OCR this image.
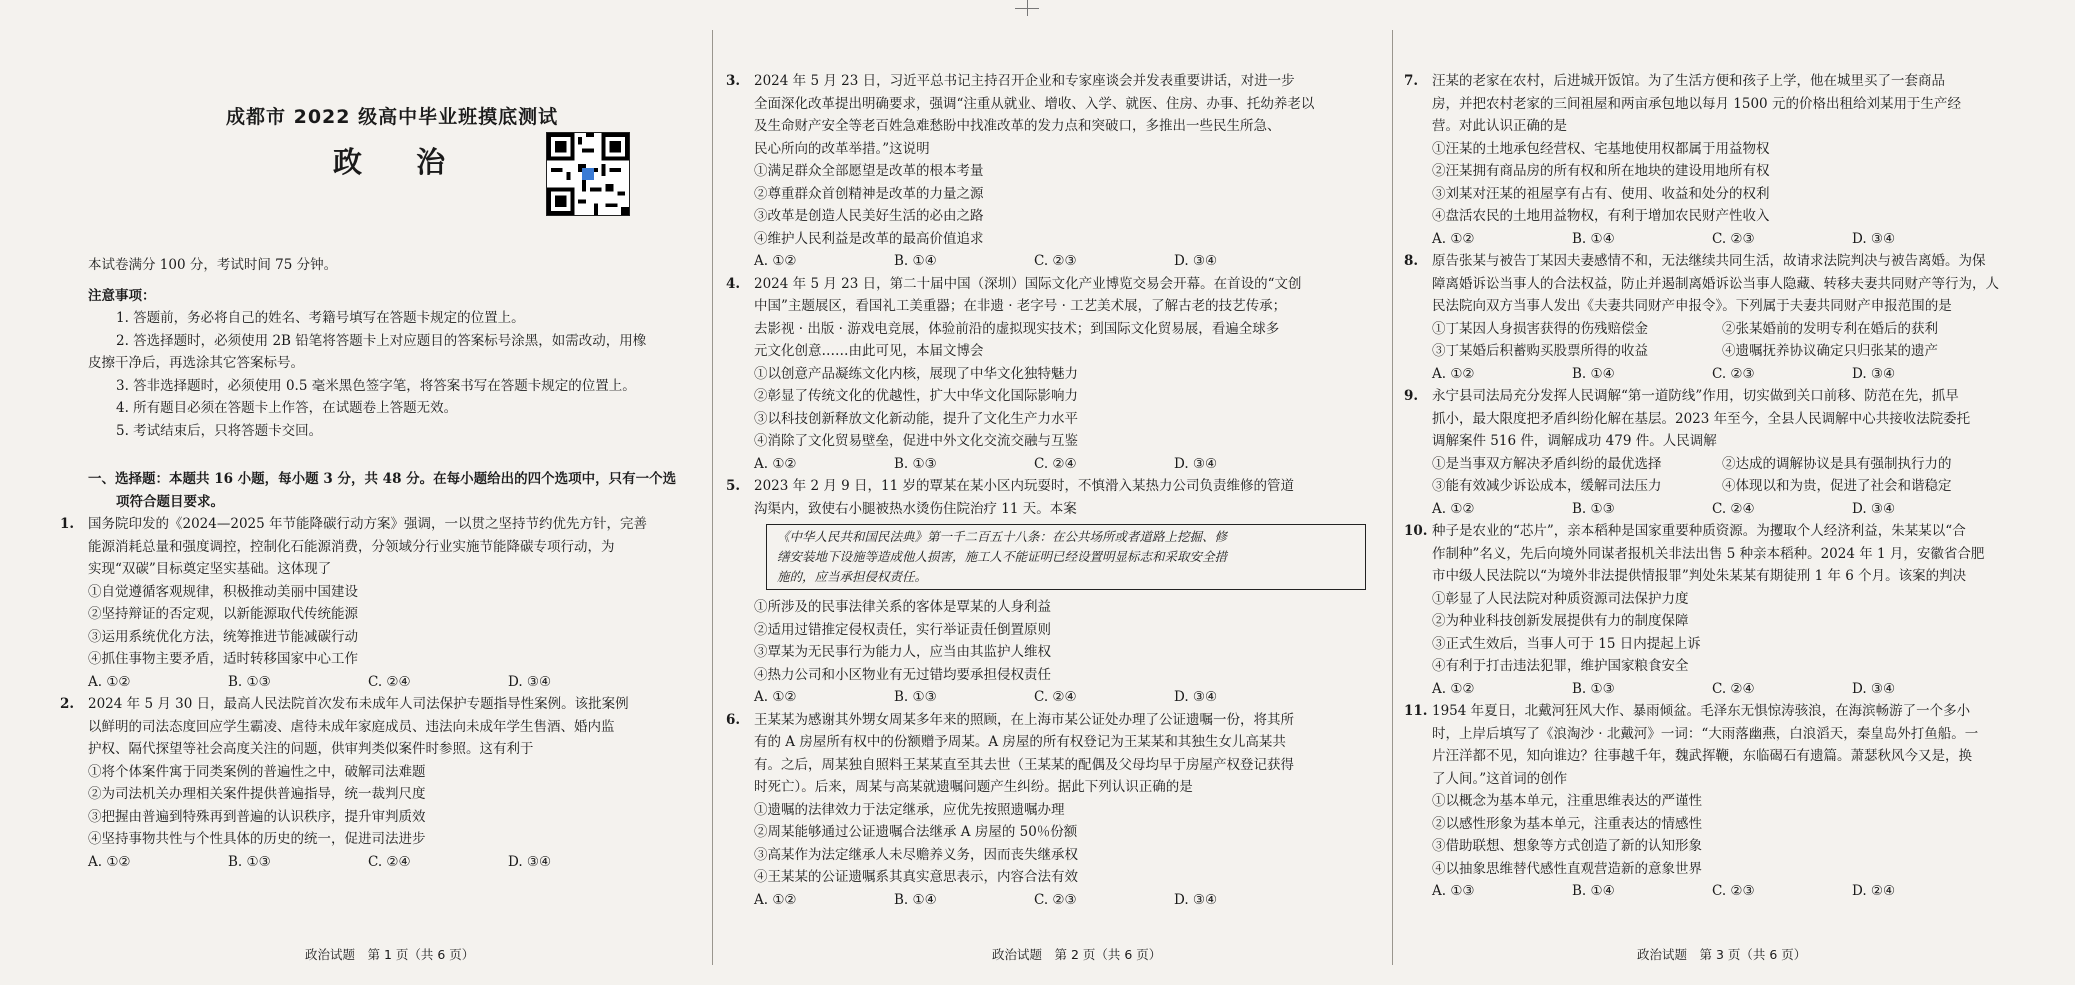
成都市 2022 级高中毕业班摸底测试
政 治
本试卷满分 100 分，考试时间 75 分钟。
注意事项：
1. 答题前，务必将自己的姓名、考籍号填写在答题卡规定的位置上。
2. 答选择题时，必须使用 2B 铅笔将答题卡上对应题目的答案标号涂黑，如需改动，用橡
皮擦干净后，再选涂其它答案标号。
3. 答非选择题时，必须使用 0.5 毫米黑色签字笔，将答案书写在答题卡规定的位置上。
4. 所有题目必须在答题卡上作答，在试题卷上答题无效。
5. 考试结束后，只将答题卡交回。
一、选择题：本题共 16 小题，每小题 3 分，共 48 分。在每小题给出的四个选项中，只有一个选
项符合题目要求。
1. 国务院印发的《2024—2025 年节能降碳行动方案》强调，一以贯之坚持节约优先方针，完善
能源消耗总量和强度调控，控制化石能源消费，分领域分行业实施节能降碳专项行动，为
实现“双碳”目标奠定坚实基础。这体现了
①自觉遵循客观规律，积极推动美丽中国建设
②坚持辩证的否定观，以新能源取代传统能源
③运用系统优化方法，统筹推进节能减碳行动
④抓住事物主要矛盾，适时转移国家中心工作
A. ①②	B. ①③	C. ②④	D. ③④
2. 2024 年 5 月 30 日，最高人民法院首次发布未成年人司法保护专题指导性案例。该批案例
以鲜明的司法态度回应学生霸凌、虐待未成年家庭成员、违法向未成年学生售酒、婚内监
护权、隔代探望等社会高度关注的问题，供审判类似案件时参照。这有利于
①将个体案件寓于同类案例的普遍性之中，破解司法难题
②为司法机关办理相关案件提供普遍指导，统一裁判尺度
③把握由普遍到特殊再到普遍的认识秩序，提升审判质效
④坚持事物共性与个性具体的历史的统一，促进司法进步
A. ①②	B. ①③	C. ②④	D. ③④
政治试题　第 1 页（共 6 页）
3. 2024 年 5 月 23 日，习近平总书记主持召开企业和专家座谈会并发表重要讲话，对进一步
全面深化改革提出明确要求，强调“注重从就业、增收、入学、就医、住房、办事、托幼养老以
及生命财产安全等老百姓急难愁盼中找准改革的发力点和突破口，多推出一些民生所急、
民心所向的改革举措。”这说明
①满足群众全部愿望是改革的根本考量
②尊重群众首创精神是改革的力量之源
③改革是创造人民美好生活的必由之路
④维护人民利益是改革的最高价值追求
A. ①②	B. ①④	C. ②③	D. ③④
4. 2024 年 5 月 23 日，第二十届中国（深圳）国际文化产业博览交易会开幕。在首设的“文创
中国”主题展区，看国礼工美重器；在非遗 · 老字号 · 工艺美术展，了解古老的技艺传承；
去影视 · 出版 · 游戏电竞展，体验前沿的虚拟现实技术；到国际文化贸易展，看遍全球多
元文化创意……由此可见，本届文博会
①以创意产品凝练文化内核，展现了中华文化独特魅力
②彰显了传统文化的优越性，扩大中华文化国际影响力
③以科技创新释放文化新动能，提升了文化生产力水平
④消除了文化贸易壁垒，促进中外文化交流交融与互鉴
A. ①②	B. ①③	C. ②④	D. ③④
5. 2023 年 2 月 9 日，11 岁的覃某在某小区内玩耍时，不慎滑入某热力公司负责维修的管道
沟渠内，致使右小腿被热水烫伤住院治疗 11 天。本案
《中华人民共和国民法典》第一千二百五十八条：在公共场所或者道路上挖掘、修
缮安装地下设施等造成他人损害，施工人不能证明已经设置明显标志和采取安全措
施的，应当承担侵权责任。
①所涉及的民事法律关系的客体是覃某的人身利益
②适用过错推定侵权责任，实行举证责任倒置原则
③覃某为无民事行为能力人，应当由其监护人维权
④热力公司和小区物业有无过错均要承担侵权责任
A. ①②	B. ①③	C. ②④	D. ③④
6. 王某某为感谢其外甥女周某多年来的照顾，在上海市某公证处办理了公证遗嘱一份，将其所
有的 A 房屋所有权中的份额赠予周某。A 房屋的所有权登记为王某某和其独生女儿高某共
有。之后，周某独自照料王某某直至其去世（王某某的配偶及父母均早于房屋产权登记获得
时死亡）。后来，周某与高某就遗嘱问题产生纠纷。据此下列认识正确的是
①遗嘱的法律效力于法定继承，应优先按照遗嘱办理
②周某能够通过公证遗嘱合法继承 A 房屋的 50％份额
③高某作为法定继承人未尽赡养义务，因而丧失继承权
④王某某的公证遗嘱系其真实意思表示，内容合法有效
A. ①②	B. ①④	C. ②③	D. ③④
政治试题　第 2 页（共 6 页）
7. 汪某的老家在农村，后进城开饭馆。为了生活方便和孩子上学，他在城里买了一套商品
房，并把农村老家的三间祖屋和两亩承包地以每月 1500 元的价格出租给刘某用于生产经
营。对此认识正确的是
①汪某的土地承包经营权、宅基地使用权都属于用益物权
②汪某拥有商品房的所有权和所在地块的建设用地所有权
③刘某对汪某的祖屋享有占有、使用、收益和处分的权利
④盘活农民的土地用益物权，有利于增加农民财产性收入
A. ①②	B. ①④	C. ②③	D. ③④
8. 原告张某与被告丁某因夫妻感情不和，无法继续共同生活，故请求法院判决与被告离婚。为保
障离婚诉讼当事人的合法权益，防止并遏制离婚诉讼当事人隐藏、转移夫妻共同财产等行为，人
民法院向双方当事人发出《夫妻共同财产申报令》。下列属于夫妻共同财产申报范围的是
①丁某因人身损害获得的伤残赔偿金	②张某婚前的发明专利在婚后的获利
③丁某婚后积蓄购买股票所得的收益	④遗嘱抚养协议确定只归张某的遗产
A. ①②	B. ①④	C. ②③	D. ③④
9. 永宁县司法局充分发挥人民调解“第一道防线”作用，切实做到关口前移、防范在先，抓早
抓小，最大限度把矛盾纠纷化解在基层。2023 年至今，全县人民调解中心共接收法院委托
调解案件 516 件，调解成功 479 件。人民调解
①是当事双方解决矛盾纠纷的最优选择	②达成的调解协议是具有强制执行力的
③能有效减少诉讼成本，缓解司法压力	④体现以和为贵，促进了社会和谐稳定
A. ①②	B. ①③	C. ②④	D. ③④
10. 种子是农业的“芯片”，亲本稻种是国家重要种质资源。为攫取个人经济利益，朱某某以“合
作制种”名义，先后向境外同谋者报机关非法出售 5 种亲本稻种。2024 年 1 月，安徽省合肥
市中级人民法院以“为境外非法提供情报罪”判处朱某某有期徒刑 1 年 6 个月。该案的判决
①彰显了人民法院对种质资源司法保护力度
②为种业科技创新发展提供有力的制度保障
③正式生效后，当事人可于 15 日内提起上诉
④有利于打击违法犯罪，维护国家粮食安全
A. ①②	B. ①③	C. ②④	D. ③④
11. 1954 年夏日，北戴河狂风大作、暴雨倾盆。毛泽东无惧惊涛骇浪，在海滨畅游了一个多小
时，上岸后填写了《浪淘沙 · 北戴河》一词：“大雨落幽燕，白浪滔天，秦皇岛外打鱼船。一
片汪洋都不见，知向谁边？往事越千年，魏武挥鞭，东临碣石有遗篇。萧瑟秋风今又是，换
了人间。”这首词的创作
①以概念为基本单元，注重思维表达的严谨性
②以感性形象为基本单元，注重表达的情感性
③借助联想、想象等方式创造了新的认知形象
④以抽象思维替代感性直观营造新的意象世界
A. ①③	B. ①④	C. ②③	D. ②④
政治试题　第 3 页（共 6 页）
